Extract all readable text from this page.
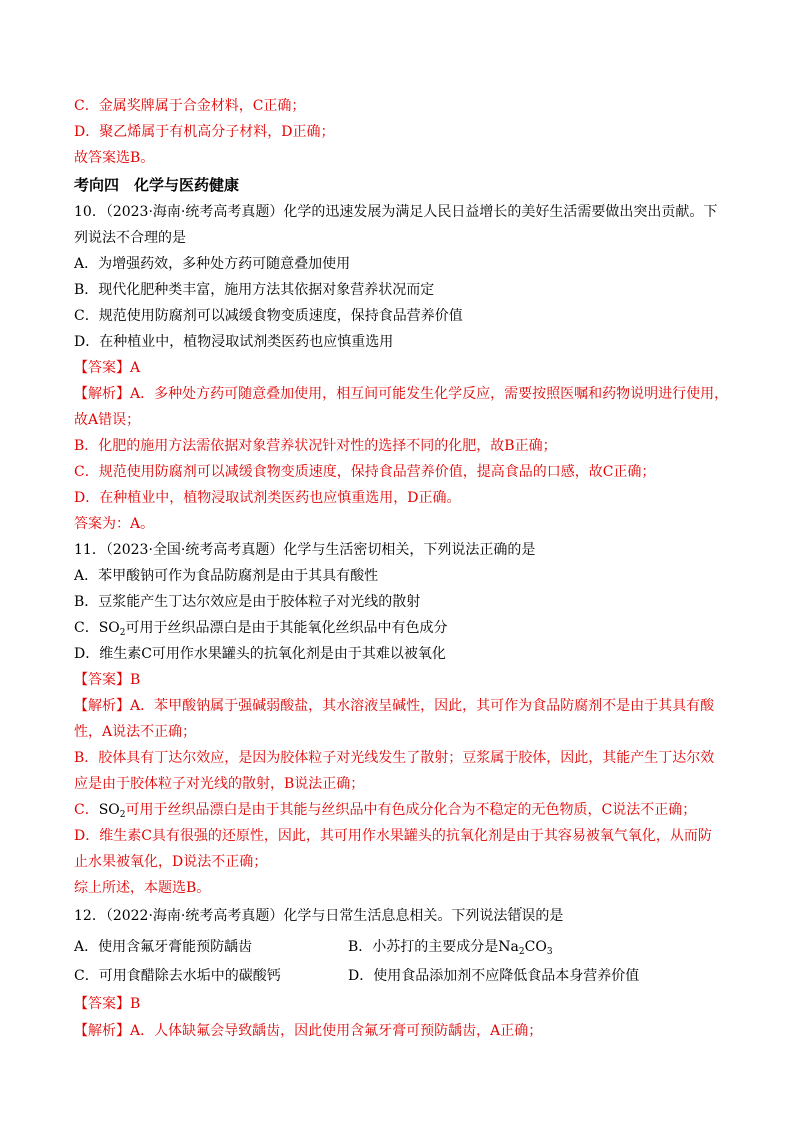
C．金属奖牌属于合金材料，C正确；
D．聚乙烯属于有机高分子材料，D正确；
故答案选B。
考向四　化学与医药健康
10．（2023·海南·统考高考真题）化学的迅速发展为满足人民日益增长的美好生活需要做出突出贡献。下
列说法不合理的是
A．为增强药效，多种处方药可随意叠加使用
B．现代化肥种类丰富，施用方法其依据对象营养状况而定
C．规范使用防腐剂可以减缓食物变质速度，保持食品营养价值
D．在种植业中，植物浸取试剂类医药也应慎重选用
【答案】A
【解析】A．多种处方药可随意叠加使用，相互间可能发生化学反应，需要按照医嘱和药物说明进行使用，
故A错误；
B．化肥的施用方法需依据对象营养状况针对性的选择不同的化肥，故B正确；
C．规范使用防腐剂可以减缓食物变质速度，保持食品营养价值，提高食品的口感，故C正确；
D．在种植业中，植物浸取试剂类医药也应慎重选用，D正确。
答案为：A。
11．（2023·全国·统考高考真题）化学与生活密切相关，下列说法正确的是
A．苯甲酸钠可作为食品防腐剂是由于其具有酸性
B．豆浆能产生丁达尔效应是由于胶体粒子对光线的散射
C．$SO_2$可用于丝织品漂白是由于其能氧化丝织品中有色成分
D．维生素C可用作水果罐头的抗氧化剂是由于其难以被氧化
【答案】B
【解析】A．苯甲酸钠属于强碱弱酸盐，其水溶液呈碱性，因此，其可作为食品防腐剂不是由于其具有酸
性，A说法不正确；
B．胶体具有丁达尔效应，是因为胶体粒子对光线发生了散射；豆浆属于胶体，因此，其能产生丁达尔效
应是由于胶体粒子对光线的散射，B说法正确；
C．$SO_2$可用于丝织品漂白是由于其能与丝织品中有色成分化合为不稳定的无色物质，C说法不正确；
D．维生素C具有很强的还原性，因此，其可用作水果罐头的抗氧化剂是由于其容易被氧气氧化，从而防
止水果被氧化，D说法不正确；
综上所述，本题选B。
12．（2022·海南·统考高考真题）化学与日常生活息息相关。下列说法· · 错误的是
A．使用含氟牙膏能预防龋齿	B．小苏打的主要成分是$Na_2CO_3$
C．可用食醋除去水垢中的碳酸钙	D．使用食品添加剂不应降低食品本身营养价值
【答案】B
【解析】A．人体缺氟会导致龋齿，因此使用含氟牙膏可预防龋齿，A正确；
